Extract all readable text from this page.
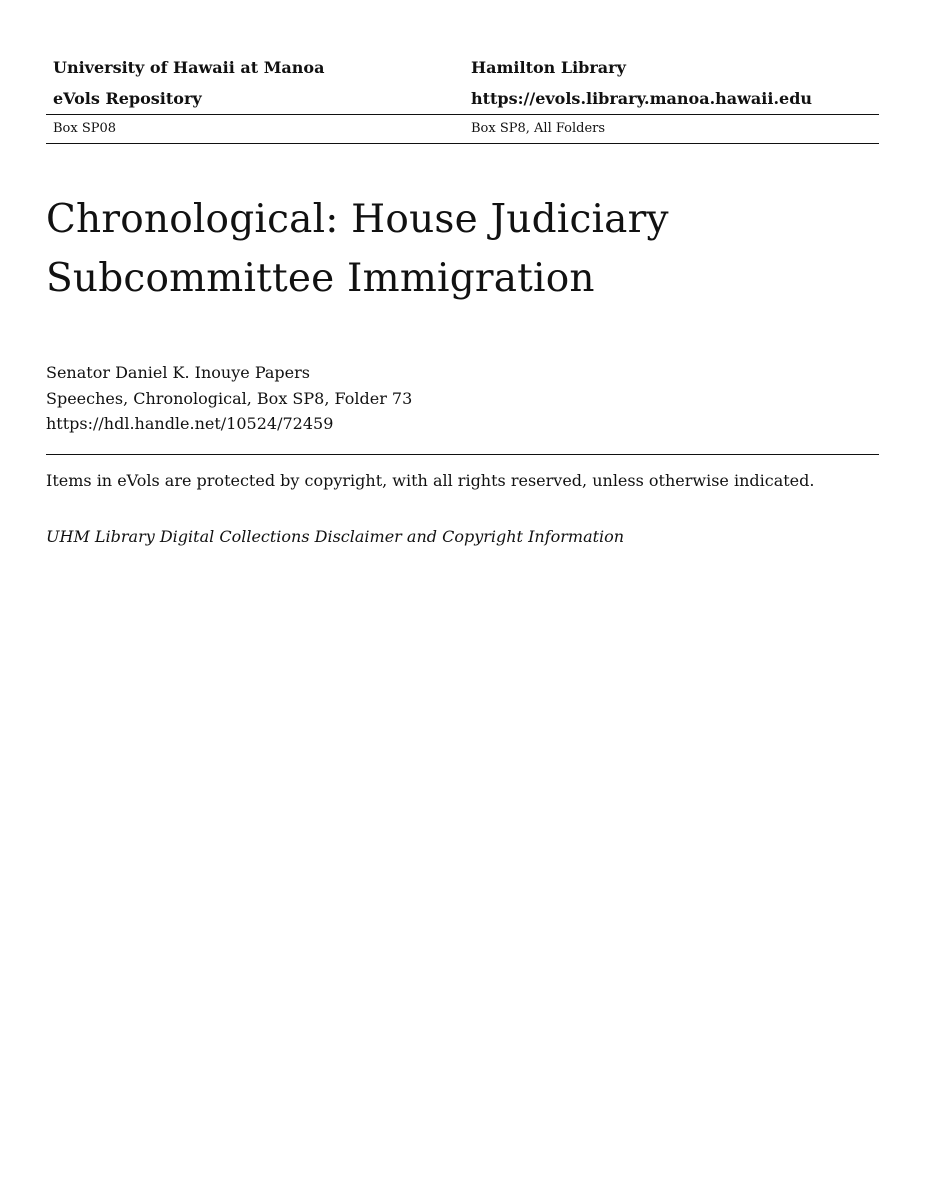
University of Hawaii at Manoa	Hamilton Library
eVols Repository	https://evols.library.manoa.hawaii.edu
Box SP08	Box SP8, All Folders
Chronological: House Judiciary
Subcommittee Immigration
Senator Daniel K. Inouye Papers
Speeches, Chronological, Box SP8, Folder 73
https://hdl.handle.net/10524/72459
Items in eVols are protected by copyright, with all rights reserved, unless otherwise indicated.
UHM Library Digital Collections Disclaimer and Copyright Information
